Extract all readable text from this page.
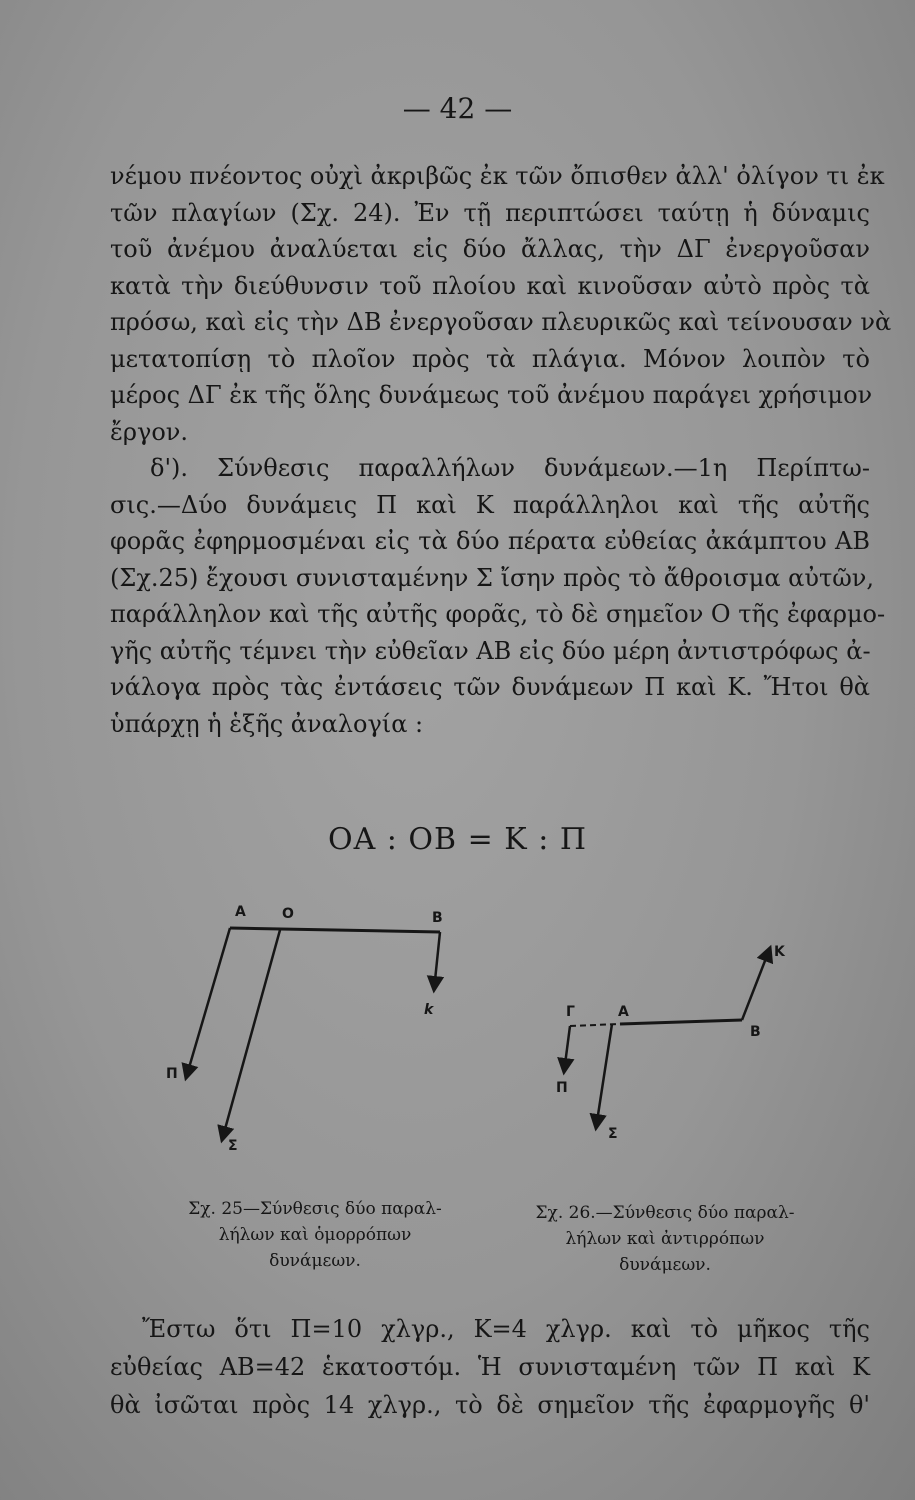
— 42 —
νέμου πνέοντος οὐχὶ ἀκριβῶς ἐκ τῶν ὄπισθεν ἀλλ' ὀλίγον τι ἐκ
τῶν πλαγίων (Σχ. 24). Ἐν τῇ περιπτώσει ταύτῃ ἡ δύναμις
τοῦ ἀνέμου ἀναλύεται εἰς δύο ἄλλας, τὴν ΔΓ ἐνεργοῦσαν
κατὰ τὴν διεύθυνσιν τοῦ πλοίου καὶ κινοῦσαν αὐτὸ πρὸς τὰ
πρόσω, καὶ εἰς τὴν ΔΒ ἐνεργοῦσαν πλευρικῶς καὶ τείνουσαν νὰ
μετατοπίσῃ τὸ πλοῖον πρὸς τὰ πλάγια. Μόνον λοιπὸν τὸ
μέρος ΔΓ ἐκ τῆς ὅλης δυνάμεως τοῦ ἀνέμου παράγει χρήσιμον
ἔργον.
δ'). Σύνθεσις παραλλήλων δυνάμεων.—1η Περίπτω-
σις.—Δύο δυνάμεις Π καὶ Κ παράλληλοι καὶ τῆς αὐτῆς
φορᾶς ἐφηρμοσμέναι εἰς τὰ δύο πέρατα εὐθείας ἀκάμπτου ΑΒ
(Σχ.25) ἔχουσι συνισταμένην Σ ἴσην πρὸς τὸ ἄθροισμα αὐτῶν,
παράλληλον καὶ τῆς αὐτῆς φορᾶς, τὸ δὲ σημεῖον Ο τῆς ἐφαρμο-
γῆς αὐτῆς τέμνει τὴν εὐθεῖαν ΑΒ εἰς δύο μέρη ἀντιστρόφως ἀ-
νάλογα πρὸς τὰς ἐντάσεις τῶν δυνάμεων Π καὶ Κ. Ἤτοι θὰ
ὑπάρχῃ ἡ ἑξῆς ἀναλογία :
ΟΑ : ΟΒ = Κ : Π
A	O	B
k
Π
Σ
Γ	A
B
K
Π
Σ
Σχ. 25—Σύνθεσις δύο παραλ-
λήλων καὶ ὁμορρόπων
δυνάμεων.
Σχ. 26.—Σύνθεσις δύο παραλ-
λήλων καὶ ἀντιρρόπων
δυνάμεων.
Ἔστω ὅτι Π=10 χλγρ., Κ=4 χλγρ. καὶ τὸ μῆκος τῆς
εὐθείας ΑΒ=42 ἑκατοστόμ. Ἡ συνισταμένη τῶν Π καὶ Κ
θὰ ἰσῶται πρὸς 14 χλγρ., τὸ δὲ σημεῖον τῆς ἐφαρμογῆς θ'
